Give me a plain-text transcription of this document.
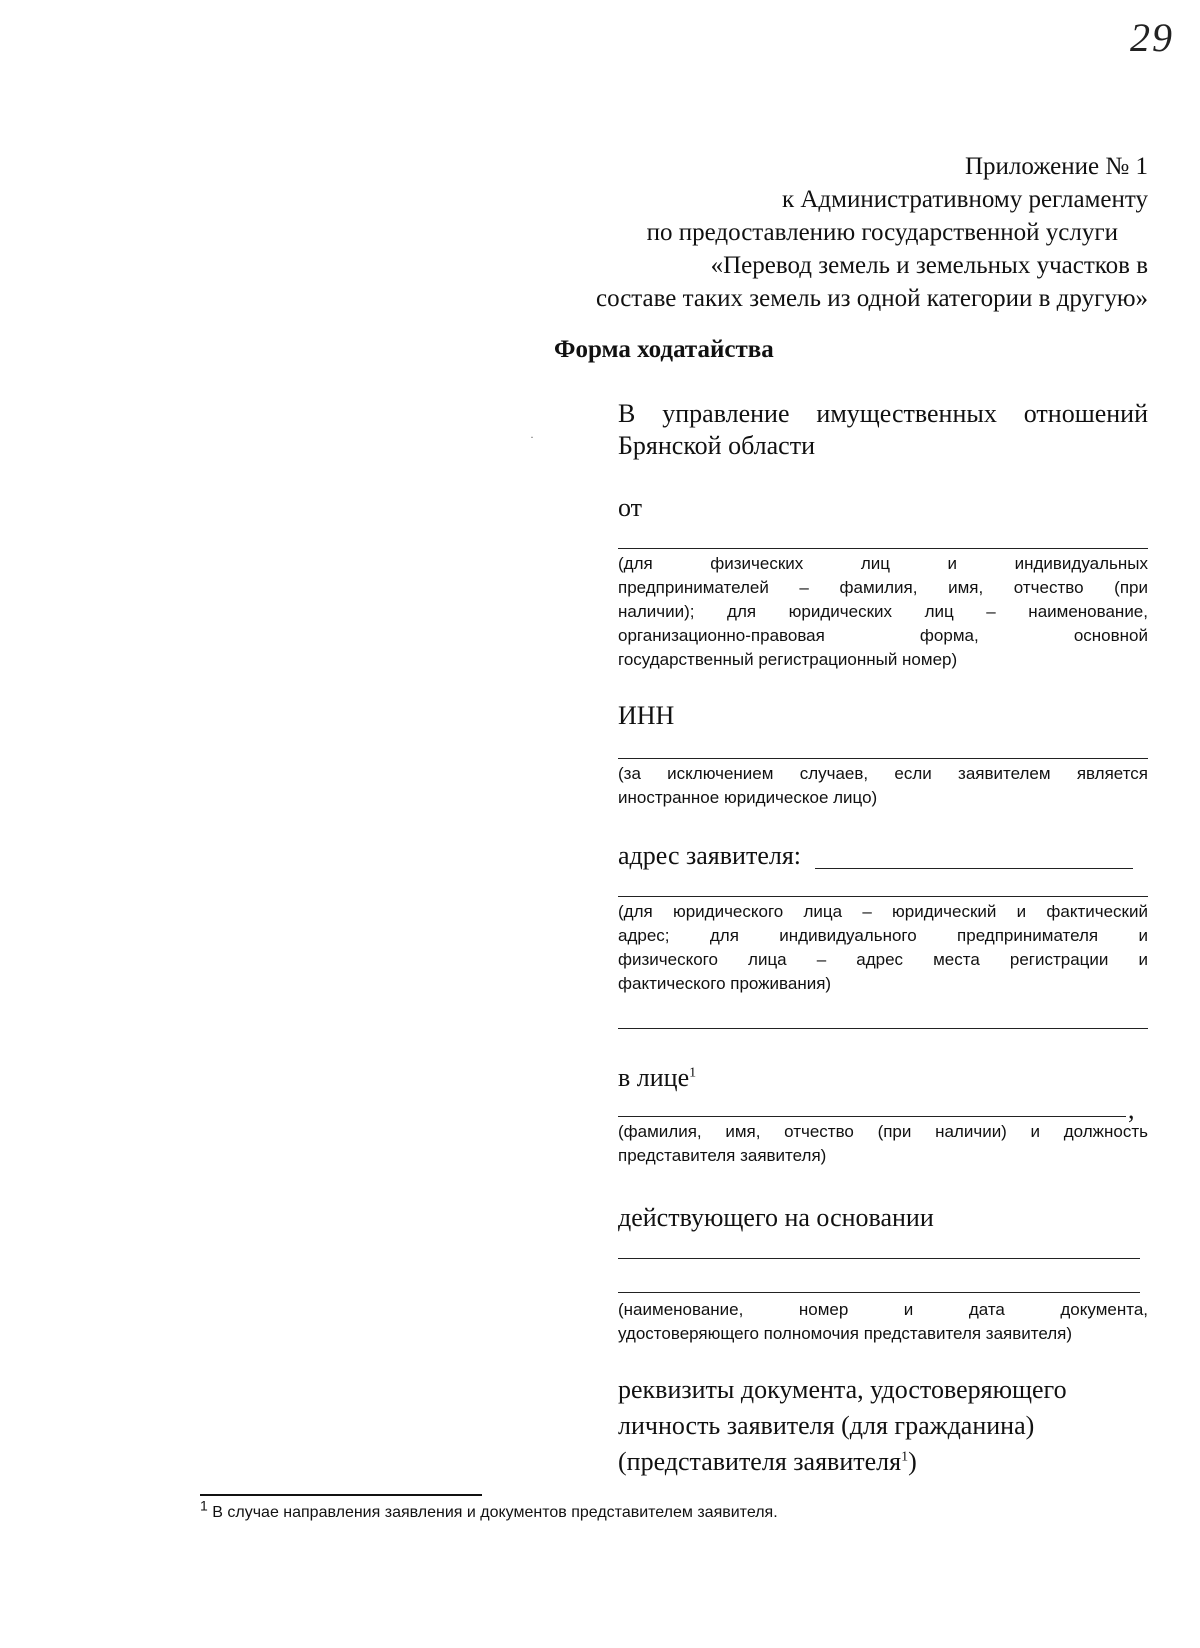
29
Приложение № 1
к Административному регламенту
по предоставлению государственной услуги
«Перевод земель и земельных участков в
составе таких земель из одной категории в другую»
Форма ходатайства
·
В управление имущественных отношений
Брянской области
от
(для физических лиц и индивидуальных
предпринимателей – фамилия, имя, отчество (при
наличии); для юридических лиц – наименование,
организационно-правовая форма, основной
государственный регистрационный номер)
ИНН
(за исключением случаев, если заявителем является
иностранное юридическое лицо)
адрес заявителя:
(для юридического лица – юридический и фактический
адрес; для индивидуального предпринимателя и
физического лица – адрес места регистрации и
фактического проживания)
в лице$^1$
,
(фамилия, имя, отчество (при наличии) и должность
представителя заявителя)
действующего на основании
(наименование, номер и дата документа,
удостоверяющего полномочия представителя заявителя)
реквизиты документа, удостоверяющего
личность заявителя (для гражданина)
(представителя заявителя$^1$)
1 В случае направления заявления и документов представителем заявителя.
